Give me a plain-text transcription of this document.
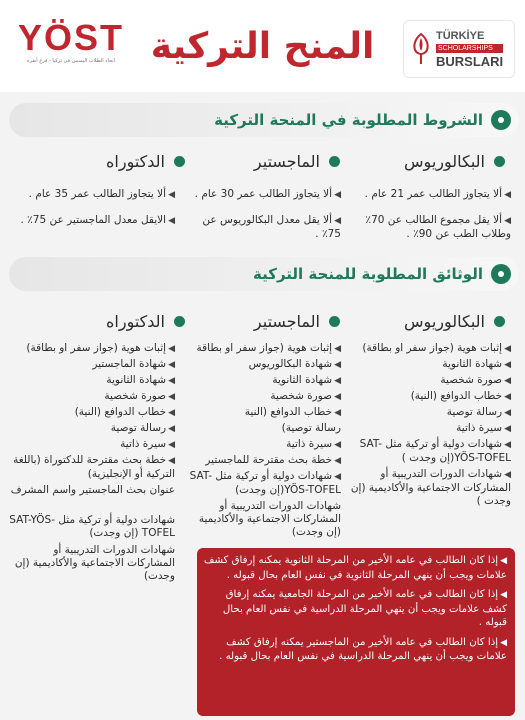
TÜRKİYE
SCHOLARSHIPS
BURSLARI
المنح التركية
YÖST
اتحاد الطلاب اليمنيين في تركيا - فرع أنقرة
الشروط المطلوبة في المنحة التركية
البكالوريوس
الماجستير
الدكتوراه
◀ألا يتجاوز الطالب عمر 21 عام .
◀ألا يقل مجموع الطالب عن 70٪ وطلاب الطب عن 90٪ .
◀ألا يتجاوز الطالب عمر 30 عام .
◀ألا يقل معدل البكالوريوس عن 75٪ .
◀ألا يتجاوز الطالب عمر 35 عام .
◀الايقل معدل الماجستير عن 75٪ .
الوثائق المطلوبة للمنحة التركية
البكالوريوس
الماجستير
الدكتوراه
◀إثبات هوية (جواز سفر او بطاقة)
◀شهادة الثانوية
◀صورة شخصية
◀خطاب الدوافع (النية)
◀رسالة توصية
◀سيرة ذاتية
◀شهادات دولية أو تركية مثل SAT-YÖS-TOFEL(إن وجدت )
◀شهادات الدورات التدريبية أو المشاركات الاجتماعية والأكاديمية (إن وجدت )
◀إثبات هوية (جواز سفر او بطاقة
◀شهادة البكالوريوس
◀شهادة الثانوية
◀صورة شخصية
◀خطاب الدوافع (النية
رسالة توصية)
◀سيرة ذاتية
◀خطة بحث مقترحة للماجستير
◀شهادات دولية أو تركية مثل SAT-YÖS-TOFEL(إن وجدت)
شهادات الدورات التدريبية أو المشاركات الاجتماعية والأكاديمية (إن وجدت)
◀إثبات هوية (جواز سفر او بطاقة)
◀شهادة الماجستير
◀شهادة الثانوية
◀صورة شخصية
◀خطاب الدوافع (النية)
◀رسالة توصية
◀سيرة ذاتية
◀خطة بحث مقترحة للدكتوراة (باللغة التركية أو الإنجليزية)
عنوان بحث الماجستير واسم المشرف
شهادات دولية أو تركية مثل SAT-YÖS-TOFEL (إن وجدت)
شهادات الدورات التدريبية أو المشاركات الاجتماعية والأكاديمية (إن وجدت)
◀إذا كان الطالب في عامه الأخير من المرحلة الثانوية يمكنه إرفاق كشف علامات ويجب أن ينهي المرحلة الثانوية في نفس العام بحال قبوله .
◀إذا كان الطالب في عامه الأخير من المرحلة الجامعية يمكنه إرفاق كشف علامات ويجب أن ينهي المرحلة الدراسية في نفس العام بحال قبوله .
◀إذا كان الطالب في عامه الأخير من الماجستير يمكنه إرفاق كشف علامات ويجب أن ينهي المرحلة الدراسية في نفس العام بحال قبوله .
